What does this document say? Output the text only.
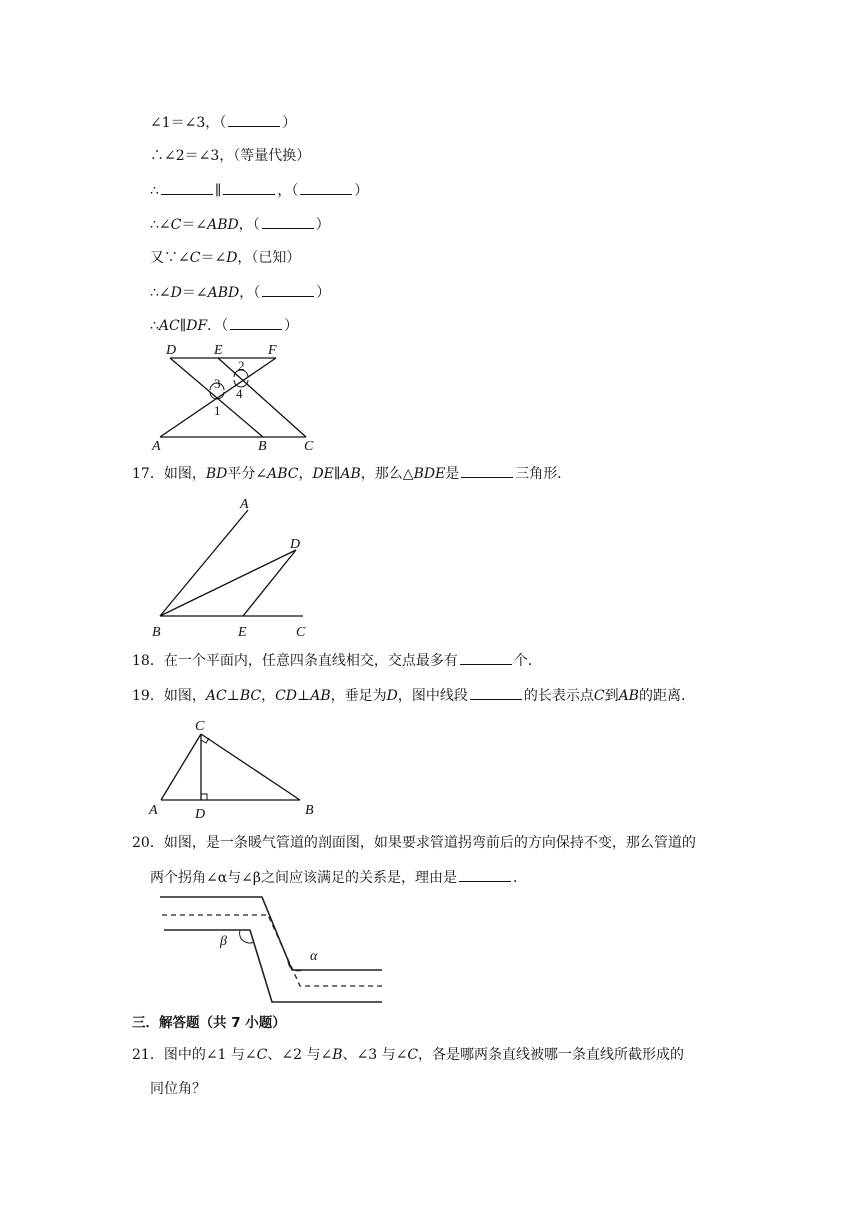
∠1＝∠3，（	）
∴∠2＝∠3，（等量代换）
∴	∥	，（	）
∴∠C＝∠ABD，（	）
又∵∠C＝∠D，（已知）
∴∠D＝∠ABD，（	）
∴AC∥DF．（	）
D	E	F
A	B	C
2
3
4
1
17．如图，BD平分∠ABC，DE∥AB，那么△BDE是	三角形．
A
D
B	E	C
18．在一个平面内，任意四条直线相交，交点最多有	个．
19．如图，AC⊥BC，CD⊥AB，垂足为D，图中线段	的长表示点C到AB的距离．
C
A	D	B
20．如图，是一条暖气管道的剖面图，如果要求管道拐弯前后的方向保持不变，那么管道的
两个拐角∠α与∠β之间应该满足的关系是，理由是	．
α
β
三．解答题（共 7 小题）
21．图中的∠1 与∠C、∠2 与∠B、∠3 与∠C，各是哪两条直线被哪一条直线所截形成的
同位角？
